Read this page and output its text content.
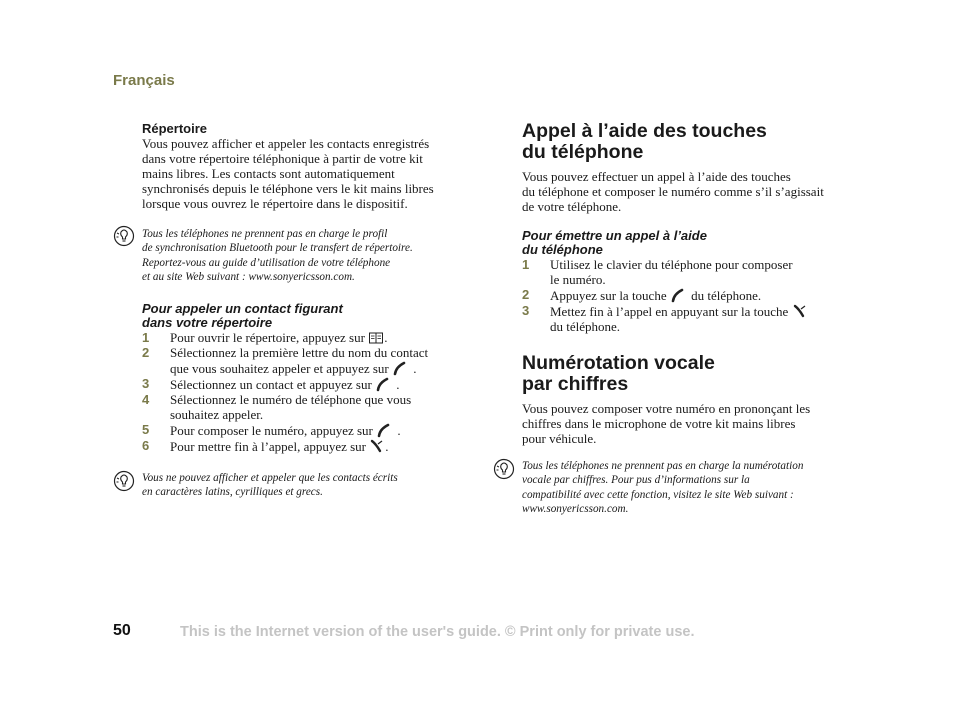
Français
Répertoire
Vous pouvez afficher et appeler les contacts enregistrés
dans votre répertoire téléphonique à partir de votre kit
mains libres. Les contacts sont automatiquement
synchronisés depuis le téléphone vers le kit mains libres
lorsque vous ouvrez le répertoire dans le dispositif.
Tous les téléphones ne prennent pas en charge le profil
de synchronisation Bluetooth pour le transfert de répertoire.
Reportez-vous au guide d’utilisation de votre téléphone
et au site Web suivant : www.sonyericsson.com.
Pour appeler un contact figurant
dans votre répertoire
1 Pour ouvrir le répertoire, appuyez sur .
2 Sélectionnez la première lettre du nom du contact
que vous souhaitez appeler et appuyez sur .
3 Sélectionnez un contact et appuyez sur .
4 Sélectionnez le numéro de téléphone que vous
souhaitez appeler.
5 Pour composer le numéro, appuyez sur .
6 Pour mettre fin à l’appel, appuyez sur .
Vous ne pouvez afficher et appeler que les contacts écrits
en caractères latins, cyrilliques et grecs.
Appel à l’aide des touches
du téléphone
Vous pouvez effectuer un appel à l’aide des touches
du téléphone et composer le numéro comme s’il s’agissait
de votre téléphone.
Pour émettre un appel à l’aide
du téléphone
1 Utilisez le clavier du téléphone pour composer
le numéro.
2 Appuyez sur la touche du téléphone.
3 Mettez fin à l’appel en appuyant sur la touche
du téléphone.
Numérotation vocale
par chiffres
Vous pouvez composer votre numéro en prononçant les
chiffres dans le microphone de votre kit mains libres
pour véhicule.
Tous les téléphones ne prennent pas en charge la numérotation
vocale par chiffres. Pour pus d’informations sur la
compatibilité avec cette fonction, visitez le site Web suivant :
www.sonyericsson.com.
50	This is the Internet version of the user's guide. © Print only for private use.
